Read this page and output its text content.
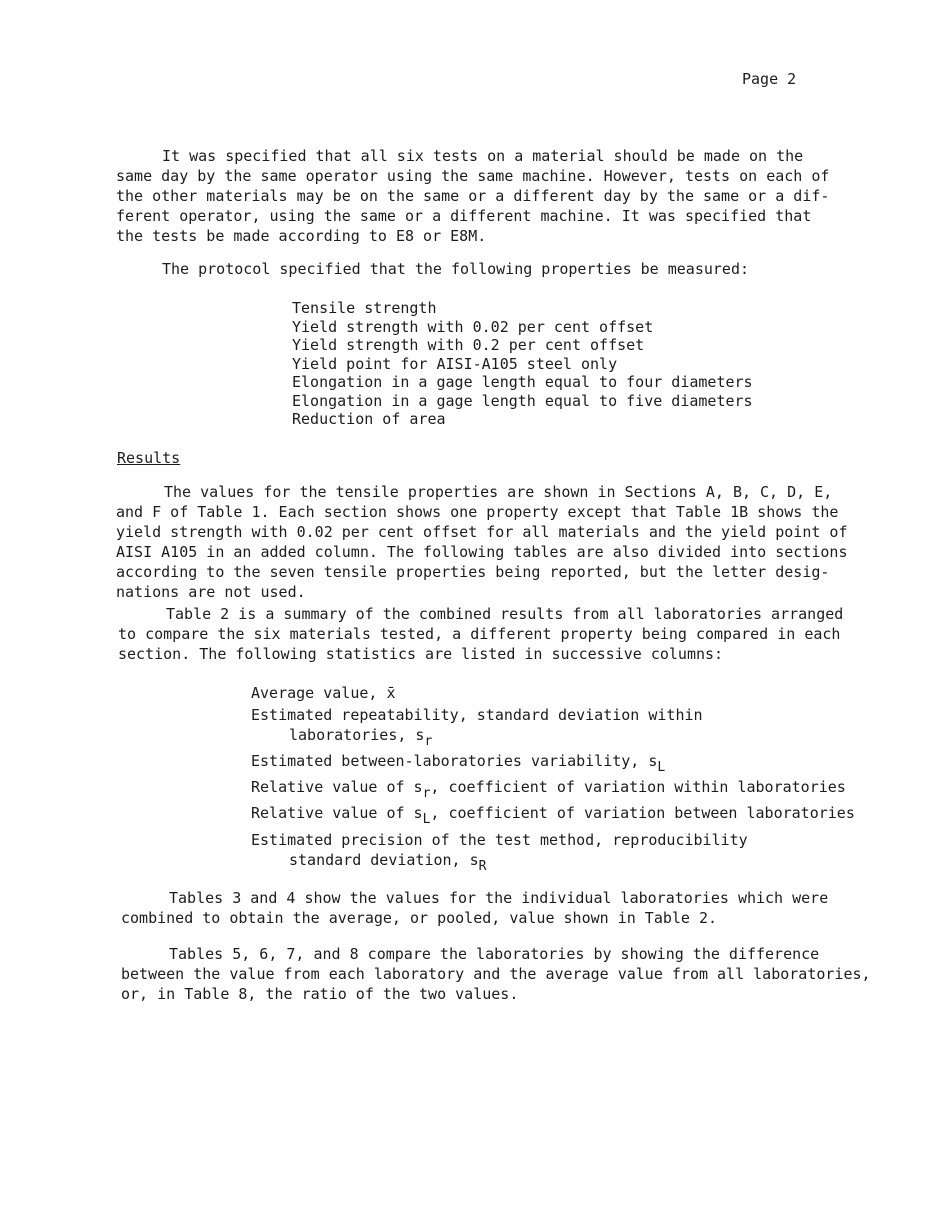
Page 2

It was specified that all six tests on a material should be made on the
same day by the same operator using the same machine. However, tests on each of
the other materials may be on the same or a different day by the same or a dif-
ferent operator, using the same or a different machine. It was specified that
the tests be made according to E8 or E8M.

The protocol specified that the following properties be measured:

Tensile strength
Yield strength with 0.02 per cent offset
Yield strength with 0.2 per cent offset
Yield point for AISI-A105 steel only
Elongation in a gage length equal to four diameters
Elongation in a gage length equal to five diameters
Reduction of area
Results

The values for the tensile properties are shown in Sections A, B, C, D, E,
and F of Table 1. Each section shows one property except that Table 1B shows the
yield strength with 0.02 per cent offset for all materials and the yield point of
AISI A105 in an added column. The following tables are also divided into sections
according to the seven tensile properties being reported, but the letter desig-
nations are not used.

Table 2 is a summary of the combined results from all laboratories arranged
to compare the six materials tested, a different property being compared in each
section. The following statistics are listed in successive columns:

Average value, x̄
Estimated repeatability, standard deviation within
laboratories, $s_r$
Estimated between-laboratories variability, $s_L$
Relative value of $s_r$, coefficient of variation within laboratories
Relative value of $s_L$, coefficient of variation between laboratories
Estimated precision of the test method, reproducibility
standard deviation, $s_R$

Tables 3 and 4 show the values for the individual laboratories which were
combined to obtain the average, or pooled, value shown in Table 2.

Tables 5, 6, 7, and 8 compare the laboratories by showing the difference
between the value from each laboratory and the average value from all laboratories,
or, in Table 8, the ratio of the two values.
